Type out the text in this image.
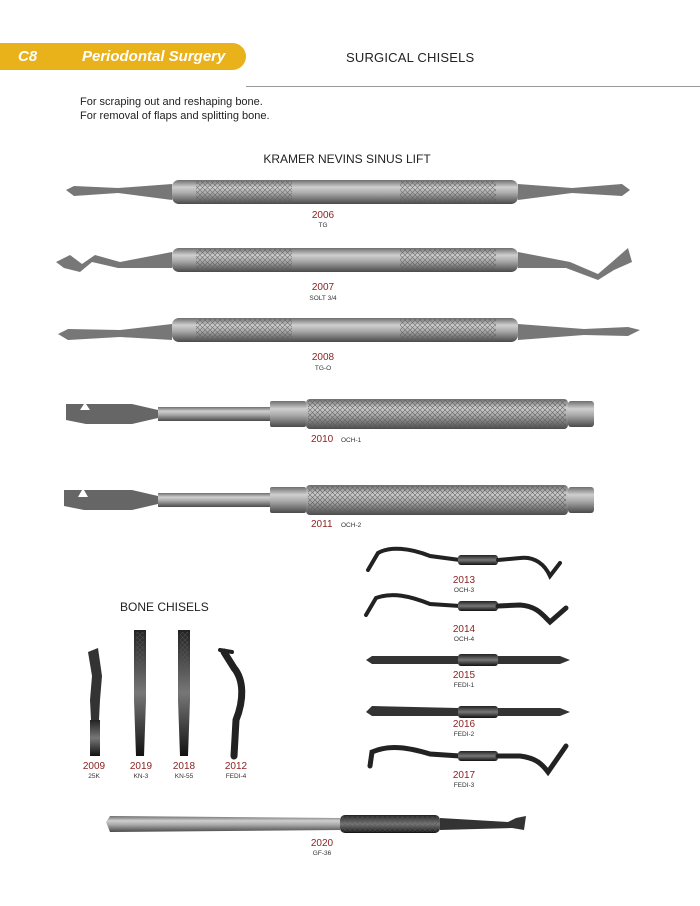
C8	Periodontal Surgery	SURGICAL CHISELS
For scraping out and reshaping bone.
For removal of flaps and splitting bone.
KRAMER NEVINS SINUS LIFT
2006
TG
2007
SOLT 3/4
2008
TG-O
2010 OCH-1
2011 OCH-2
2013
OCH-3
2014
OCH-4
2015
FEDI-1
2016
FEDI-2
2017
FEDI-3
BONE CHISELS
2009
25K
2019
KN-3
2018
KN-55
2012
FEDI-4
2020
GF-36
